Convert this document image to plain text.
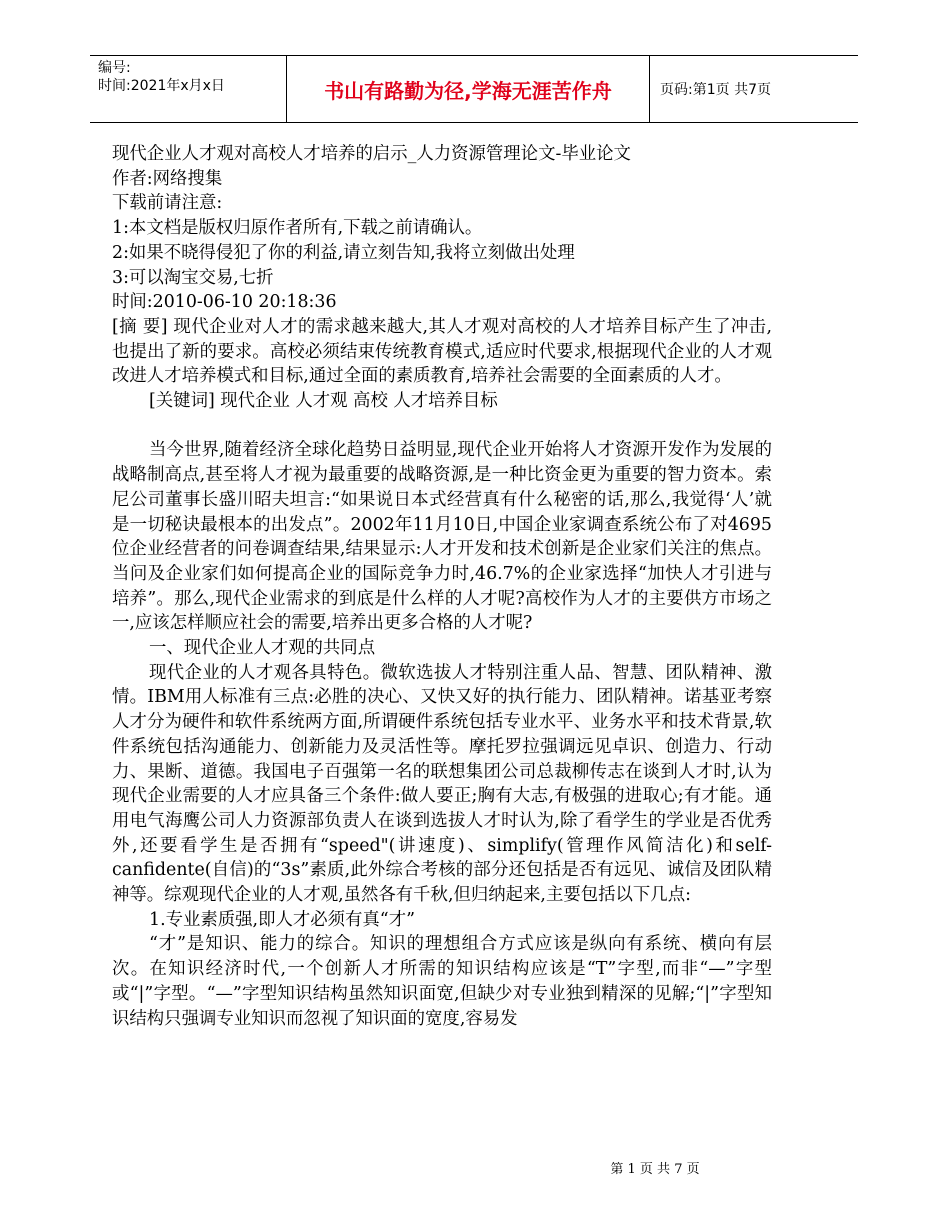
编号:
时间:2021年x月x日	书山有路勤为径,学海无涯苦作舟	页码:第1页 共7页

现代企业人才观对高校人才培养的启示_人力资源管理论文-毕业论文

作者:网络搜集

下载前请注意:

1:本文档是版权归原作者所有,下载之前请确认。

2:如果不晓得侵犯了你的利益,请立刻告知,我将立刻做出处理

3:可以淘宝交易,七折

时间:2010-06-10 20:18:36

[摘 要] 现代企业对人才的需求越来越大,其人才观对高校的人才培养目标产生了冲击,也提出了新的要求。高校必须结束传统教育模式,适应时代要求,根据现代企业的人才观改进人才培养模式和目标,通过全面的素质教育,培养社会需要的全面素质的人才。

[关键词] 现代企业 人才观 高校 人才培养目标

当今世界,随着经济全球化趋势日益明显,现代企业开始将人才资源开发作为发展的战略制高点,甚至将人才视为最重要的战略资源,是一种比资金更为重要的智力资本。索尼公司董事长盛川昭夫坦言:“如果说日本式经营真有什么秘密的话,那么,我觉得‘人’就是一切秘诀最根本的出发点”。2002年11月10日,中国企业家调查系统公布了对4695位企业经营者的问卷调查结果,结果显示:人才开发和技术创新是企业家们关注的焦点。当问及企业家们如何提高企业的国际竞争力时,46.7%的企业家选择“加快人才引进与培养”。那么,现代企业需求的到底是什么样的人才呢?高校作为人才的主要供方市场之一,应该怎样顺应社会的需要,培养出更多合格的人才呢?

一、现代企业人才观的共同点

现代企业的人才观各具特色。微软选拔人才特别注重人品、智慧、团队精神、激情。IBM用人标准有三点:必胜的决心、又快又好的执行能力、团队精神。诺基亚考察人才分为硬件和软件系统两方面,所谓硬件系统包括专业水平、业务水平和技术背景,软件系统包括沟通能力、创新能力及灵活性等。摩托罗拉强调远见卓识、创造力、行动力、果断、道德。我国电子百强第一名的联想集团公司总裁柳传志在谈到人才时,认为现代企业需要的人才应具备三个条件:做人要正;胸有大志,有极强的进取心;有才能。通用电气海鹰公司人力资源部负责人在谈到选拔人才时认为,除了看学生的学业是否优秀外,还要看学生是否拥有“speed"(讲速度)、simplify(管理作风简洁化)和self-canfidente(自信)的“3s”素质,此外综合考核的部分还包括是否有远见、诚信及团队精神等。综观现代企业的人才观,虽然各有千秋,但归纳起来,主要包括以下几点:

1.专业素质强,即人才必须有真“才”

“才”是知识、能力的综合。知识的理想组合方式应该是纵向有系统、横向有层次。在知识经济时代,一个创新人才所需的知识结构应该是“T”字型,而非“—”字型或“|”字型。“—”字型知识结构虽然知识面宽,但缺少对专业独到精深的见解;“|”字型知识结构只强调专业知识而忽视了知识面的宽度,容易发

第 1 页 共 7 页
